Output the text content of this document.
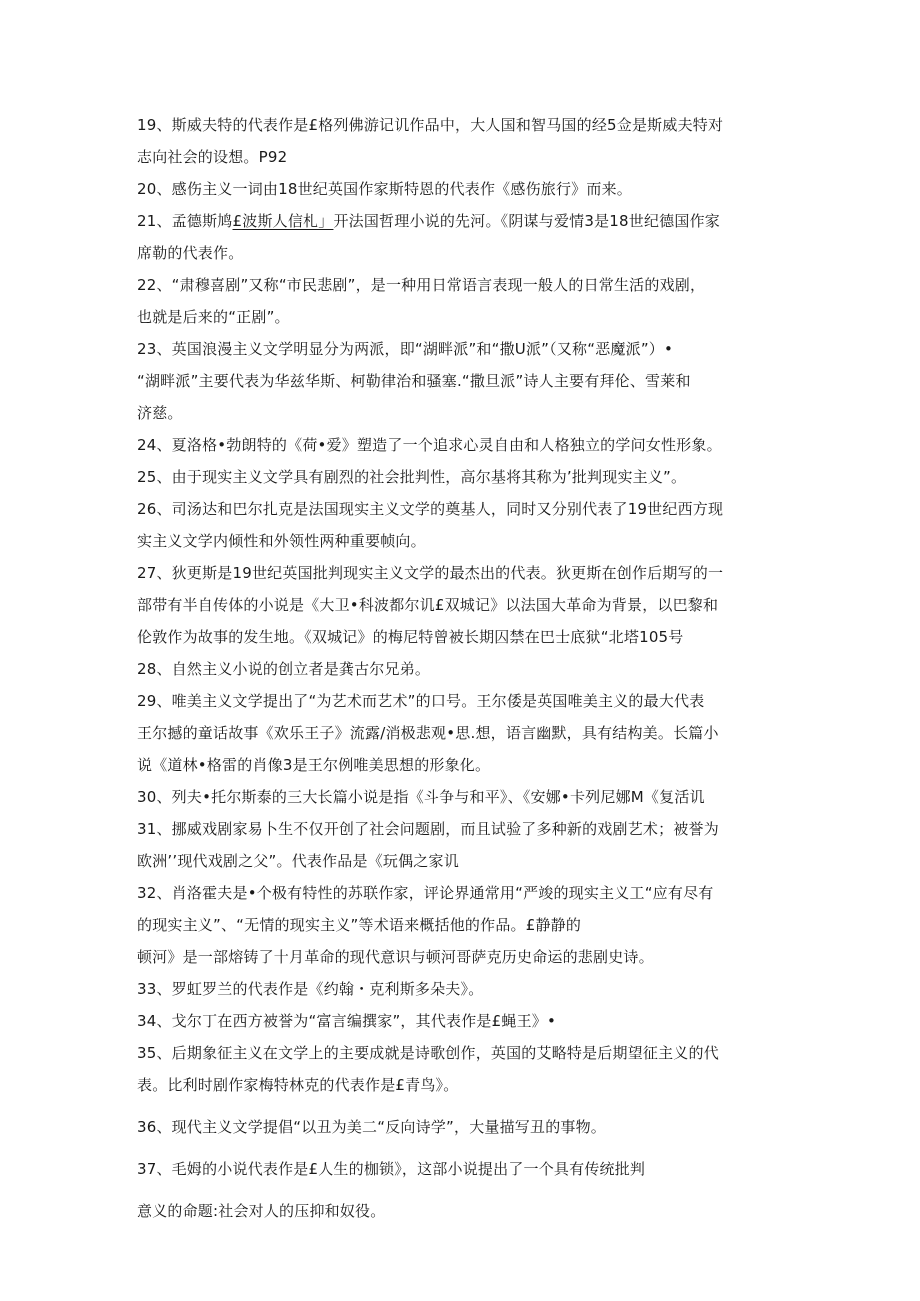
19、斯威夫特的代表作是£格列佛游记讥作品中，大人国和智马国的经5佥是斯威夫特对
志向社会的设想。P92
20、感伤主义一词由18世纪英国作家斯特恩的代表作《感伤旅行》而来。
21、孟德斯鸠£波斯人信札」开法国哲理小说的先河。《阴谋与爱情3是18世纪德国作家
席勒的代表作。
22、“肃穆喜剧”又称“市民悲剧”，是一种用日常语言表现一般人的日常生活的戏剧，
也就是后来的“正剧”。
23、英国浪漫主义文学明显分为两派，即“湖畔派”和“撒U派”（又称“恶魔派”）•
“湖畔派”主要代表为华兹华斯、柯勒律治和骚塞.“撒旦派”诗人主要有拜伦、雪莱和
济慈。
24、夏洛格•勃朗特的《荷•爱》塑造了一个追求心灵自由和人格独立的学问女性形象。
25、由于现实主义文学具有剧烈的社会批判性，高尔基将其称为’批判现实主义”。
26、司汤达和巴尔扎克是法国现实主义文学的奠基人，同时又分别代表了19世纪西方现
实主义文学内倾性和外领性两种重要帧向。
27、狄更斯是19世纪英国批判现实主义文学的最杰出的代表。狄更斯在创作后期写的一
部带有半自传体的小说是《大卫•科波都尔讥£双城记》以法国大革命为背景，以巴黎和
伦敦作为故事的发生地。《双城记》的梅尼特曾被长期囚禁在巴士底狱“北塔105号
28、自然主义小说的创立者是龚古尔兄弟。
29、唯美主义文学提出了“为艺术而艺术”的口号。王尔倭是英国唯美主义的最大代表
王尔撼的童话故事《欢乐王子》流露/消极悲观•思.想，语言幽默，具有结构美。长篇小
说《道林•格雷的肖像3是王尔例唯美思想的形象化。
30、列夫•托尔斯泰的三大长篇小说是指《斗争与和平》、《安娜•卡列尼娜M《复活讥
31、挪威戏剧家易卜生不仅开创了社会问题剧，而且试验了多种新的戏剧艺术；被誉为
欧洲’’现代戏剧之父”。代表作品是《玩偶之家讥
32、肖洛霍夫是•个极有特性的苏联作家，评论界通常用“严竣的现实主义工“应有尽有
的现实主义”、“无情的现实主义”等术语来概括他的作品。£静静的
顿河》是一部熔铸了十月革命的现代意识与顿河哥萨克历史命运的悲剧史诗。
33、罗虹罗兰的代表作是《约翰・克利斯多朵夫》。
34、戈尔丁在西方被誉为“富言编撰家”，其代表作是£蝇王》•
35、后期象征主义在文学上的主要成就是诗歌创作，英国的艾略特是后期望征主义的代
表。比利时剧作家梅特林克的代表作是£青鸟》。
36、现代主义文学提倡“以丑为美二“反向诗学”，大量描写丑的事物。
37、毛姆的小说代表作是£人生的枷锁》，这部小说提出了一个具有传统批判
意义的命题:社会对人的压抑和奴役。
